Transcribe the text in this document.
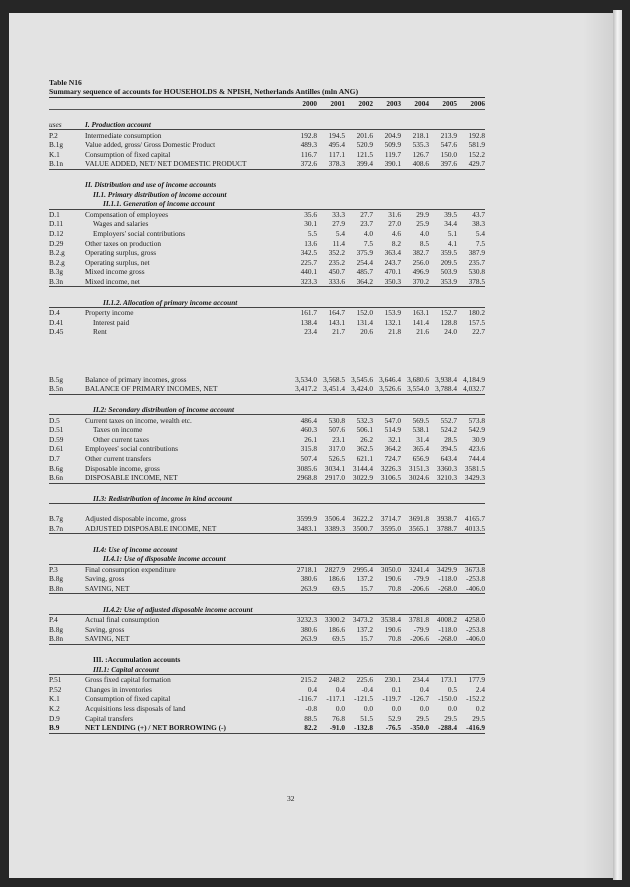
Table N16
Summary sequence of accounts for HOUSEHOLDS & NPISH, Netherlands Antilles (mln ANG)
		2000	2001	2002	2003	2004	2005	2006

uses	I. Production account							
P.2	Intermediate consumption	192.8	194.5	201.6	204.9	218.1	213.9	192.8
B.1g	Value added, gross/ Gross Domestic Product	489.3	495.4	520.9	509.9	535.3	547.6	581.9
K.1	Consumption of fixed capital	116.7	117.1	121.5	119.7	126.7	150.0	152.2
B.1n	VALUE ADDED, NET/ NET DOMESTIC PRODUCT	372.6	378.3	399.4	390.1	408.6	397.6	429.7

	II. Distribution and use of income accounts							
	II.1. Primary distribution of income account							
	II.1.1. Generation of income account							
D.1	Compensation of employees	35.6	33.3	27.7	31.6	29.9	39.5	43.7
D.11	Wages and salaries	30.1	27.9	23.7	27.0	25.9	34.4	38.3
D.12	Employers' social contributions	5.5	5.4	4.0	4.6	4.0	5.1	5.4
D.29	Other taxes on production	13.6	11.4	7.5	8.2	8.5	4.1	7.5
B.2.g	Operating surplus, gross	342.5	352.2	375.9	363.4	382.7	359.5	387.9
B.2.g	Operating surplus, net	225.7	235.2	254.4	243.7	256.0	209.5	235.7
B.3g	Mixed income gross	440.1	450.7	485.7	470.1	496.9	503.9	530.8
B.3n	Mixed income, net	323.3	333.6	364.2	350.3	370.2	353.9	378.5

	II.1.2. Allocation of primary income account							
D.4	Property income	161.7	164.7	152.0	153.9	163.1	152.7	180.2
D.41	Interest paid	138.4	143.1	131.4	132.1	141.4	128.8	157.5
D.45	Rent	23.4	21.7	20.6	21.8	21.6	24.0	22.7

B.5g	Balance of primary incomes, gross	3,534.0	3,568.5	3,545.6	3,646.4	3,680.6	3,938.4	4,184.9
B.5n	BALANCE OF PRIMARY INCOMES, NET	3,417.2	3,451.4	3,424.0	3,526.6	3,554.0	3,788.4	4,032.7

	II.2: Secondary distribution of income account							
D.5	Current taxes on income, wealth etc.	486.4	530.8	532.3	547.0	569.5	552.7	573.8
D.51	Taxes on income	460.3	507.6	506.1	514.9	538.1	524.2	542.9
D.59	Other current taxes	26.1	23.1	26.2	32.1	31.4	28.5	30.9
D.61	Employees' social contributions	315.8	317.0	362.5	364.2	365.4	394.5	423.6
D.7	Other current transfers	507.4	526.5	621.1	724.7	656.9	643.4	744.4
B.6g	Disposable income, gross	3085.6	3034.1	3144.4	3226.3	3151.3	3360.3	3581.5
B.6n	DISPOSABLE INCOME, NET	2968.8	2917.0	3022.9	3106.5	3024.6	3210.3	3429.3

	II.3: Redistribution of income in kind account							

B.7g	Adjusted disposable income, gross	3599.9	3506.4	3622.2	3714.7	3691.8	3938.7	4165.7
B.7n	ADJUSTED DISPOSABLE INCOME, NET	3483.1	3389.3	3500.7	3595.0	3565.1	3788.7	4013.5

	II.4: Use of income account							
	II.4.1: Use of disposable income account							
P.3	Final consumption expenditure	2718.1	2827.9	2995.4	3050.0	3241.4	3429.9	3673.8
B.8g	Saving, gross	380.6	186.6	137.2	190.6	-79.9	-118.0	-253.8
B.8n	SAVING, NET	263.9	69.5	15.7	70.8	-206.6	-268.0	-406.0

	II.4.2: Use of adjusted disposable income account							
P.4	Actual final consumption	3232.3	3300.2	3473.2	3538.4	3781.8	4008.2	4258.0
B.8g	Saving, gross	380.6	186.6	137.2	190.6	-79.9	-118.0	-253.8
B.8n	SAVING, NET	263.9	69.5	15.7	70.8	-206.6	-268.0	-406.0

	III. :Accumulation accounts							
	III.1: Capital account							
P.51	Gross fixed capital formation	215.2	248.2	225.6	230.1	234.4	173.1	177.9
P.52	Changes in inventories	0.4	0.4	-0.4	0.1	0.4	0.5	2.4
K.1	Consumption of fixed capital	-116.7	-117.1	-121.5	-119.7	-126.7	-150.0	-152.2
K.2	Acquisitions less disposals of land	-0.8	0.0	0.0	0.0	0.0	0.0	0.2
D.9	Capital transfers	88.5	76.8	51.5	52.9	29.5	29.5	29.5
B.9	NET LENDING (+) / NET BORROWING (-)	82.2	-91.0	-132.8	-76.5	-350.0	-288.4	-416.9
32
